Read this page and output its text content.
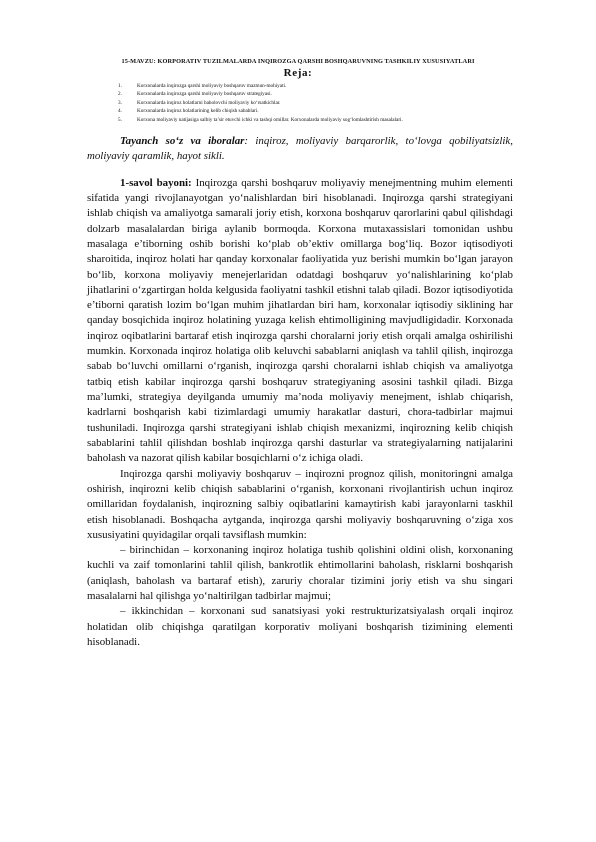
15-MAVZU: KORPORATIV TUZILMALARDA INQIROZGA QARSHI BOSHQARUVNING TASHKILIY XUSUSIYATLARI
Reja:
1.	Korxonalarda inqirozga qarshi moliyaviy boshqaruv mazmun-mohiyati.
2.	Korxonalarda inqirozga qarshi moliyaviy boshqaruv strategiyasi.
3.	Korxonalarda inqiroz holatlarni baholovchi moliyaviy ko‘rsatkichlar.
4.	Korxonalarda inqiroz holatlarining kelib chiqish sabablari.
5.	Korxona moliyaviy natijasiga salbiy ta’sir etuvchi ichki va tashqi omillar. Korxonalarda moliyaviy sog‘lomlashtirish masalalari.

Tayanch so‘z va iboralar: inqiroz, moliyaviy barqarorlik, to‘lovga qobiliyatsizlik, moliyaviy qaramlik, hayot sikli.

1-savol bayoni: Inqirozga qarshi boshqaruv moliyaviy menejmentning muhim elementi sifatida yangi rivojlanayotgan yo‘nalishlardan biri hisoblanadi. Inqirozga qarshi strategiyani ishlab chiqish va amaliyotga samarali joriy etish, korxona boshqaruv qarorlarini qabul qilishdagi dolzarb masalalardan biriga aylanib bormoqda. Korxona mutaxassislari tomonidan ushbu masalaga e’tiborning oshib borishi ko‘plab ob’ektiv omillarga bog‘liq. Bozor iqtisodiyoti sharoitida, inqiroz holati har qanday korxonalar faoliyatida yuz berishi mumkin bo‘lgan jarayon bo‘lib, korxona moliyaviy menejerlaridan odatdagi boshqaruv yo‘nalishlarining ko‘plab jihatlarini o‘zgartirgan holda kelgusida faoliyatni tashkil etishni talab qiladi. Bozor iqtisodiyotida e’tiborni qaratish lozim bo‘lgan muhim jihatlardan biri ham, korxonalar iqtisodiy siklining har qanday bosqichida inqiroz holatining yuzaga kelish ehtimolligining mavjudligidadir. Korxonada inqiroz oqibatlarini bartaraf etish inqirozga qarshi choralarni joriy etish orqali amalga oshirilishi mumkin. Korxonada inqiroz holatiga olib keluvchi sabablarni aniqlash va tahlil qilish, inqirozga sabab bo‘luvchi omillarni o‘rganish, inqirozga qarshi choralarni ishlab chiqish va amaliyotga tatbiq etish kabilar inqirozga qarshi boshqaruv strategiyaning asosini tashkil qiladi. Bizga ma’lumki, strategiya deyilganda umumiy ma’noda moliyaviy menejment, ishlab chiqarish, kadrlarni boshqarish kabi tizimlardagi umumiy harakatlar dasturi, chora-tadbirlar majmui tushuniladi. Inqirozga qarshi strategiyani ishlab chiqish mexanizmi, inqirozning kelib chiqish sabablarini tahlil qilishdan boshlab inqirozga qarshi dasturlar va strategiyalarning natijalarini baholash va nazorat qilish kabilar bosqichlarni o‘z ichiga oladi.

Inqirozga qarshi moliyaviy boshqaruv – inqirozni prognoz qilish, monitoringni amalga oshirish, inqirozni kelib chiqish sabablarini o‘rganish, korxonani rivojlantirish uchun inqiroz omillaridan foydalanish, inqirozning salbiy oqibatlarini kamaytirish kabi jarayonlarni taskhil etish hisoblanadi. Boshqacha aytganda, inqirozga qarshi moliyaviy boshqaruvning o‘ziga xos xususiyatini quyidagilar orqali tavsiflash mumkin:

– birinchidan – korxonaning inqiroz holatiga tushib qolishini oldini olish, korxonaning kuchli va zaif tomonlarini tahlil qilish, bankrotlik ehtimollarini baholash, risklarni boshqarish (aniqlash, baholash va bartaraf etish), zaruriy choralar tizimini joriy etish va shu singari masalalarni hal qilishga yo‘naltirilgan tadbirlar majmui;

– ikkinchidan – korxonani sud sanatsiyasi yoki restrukturizatsiyalash orqali inqiroz holatidan olib chiqishga qaratilgan korporativ moliyani boshqarish tizimining elementi hisoblanadi.
